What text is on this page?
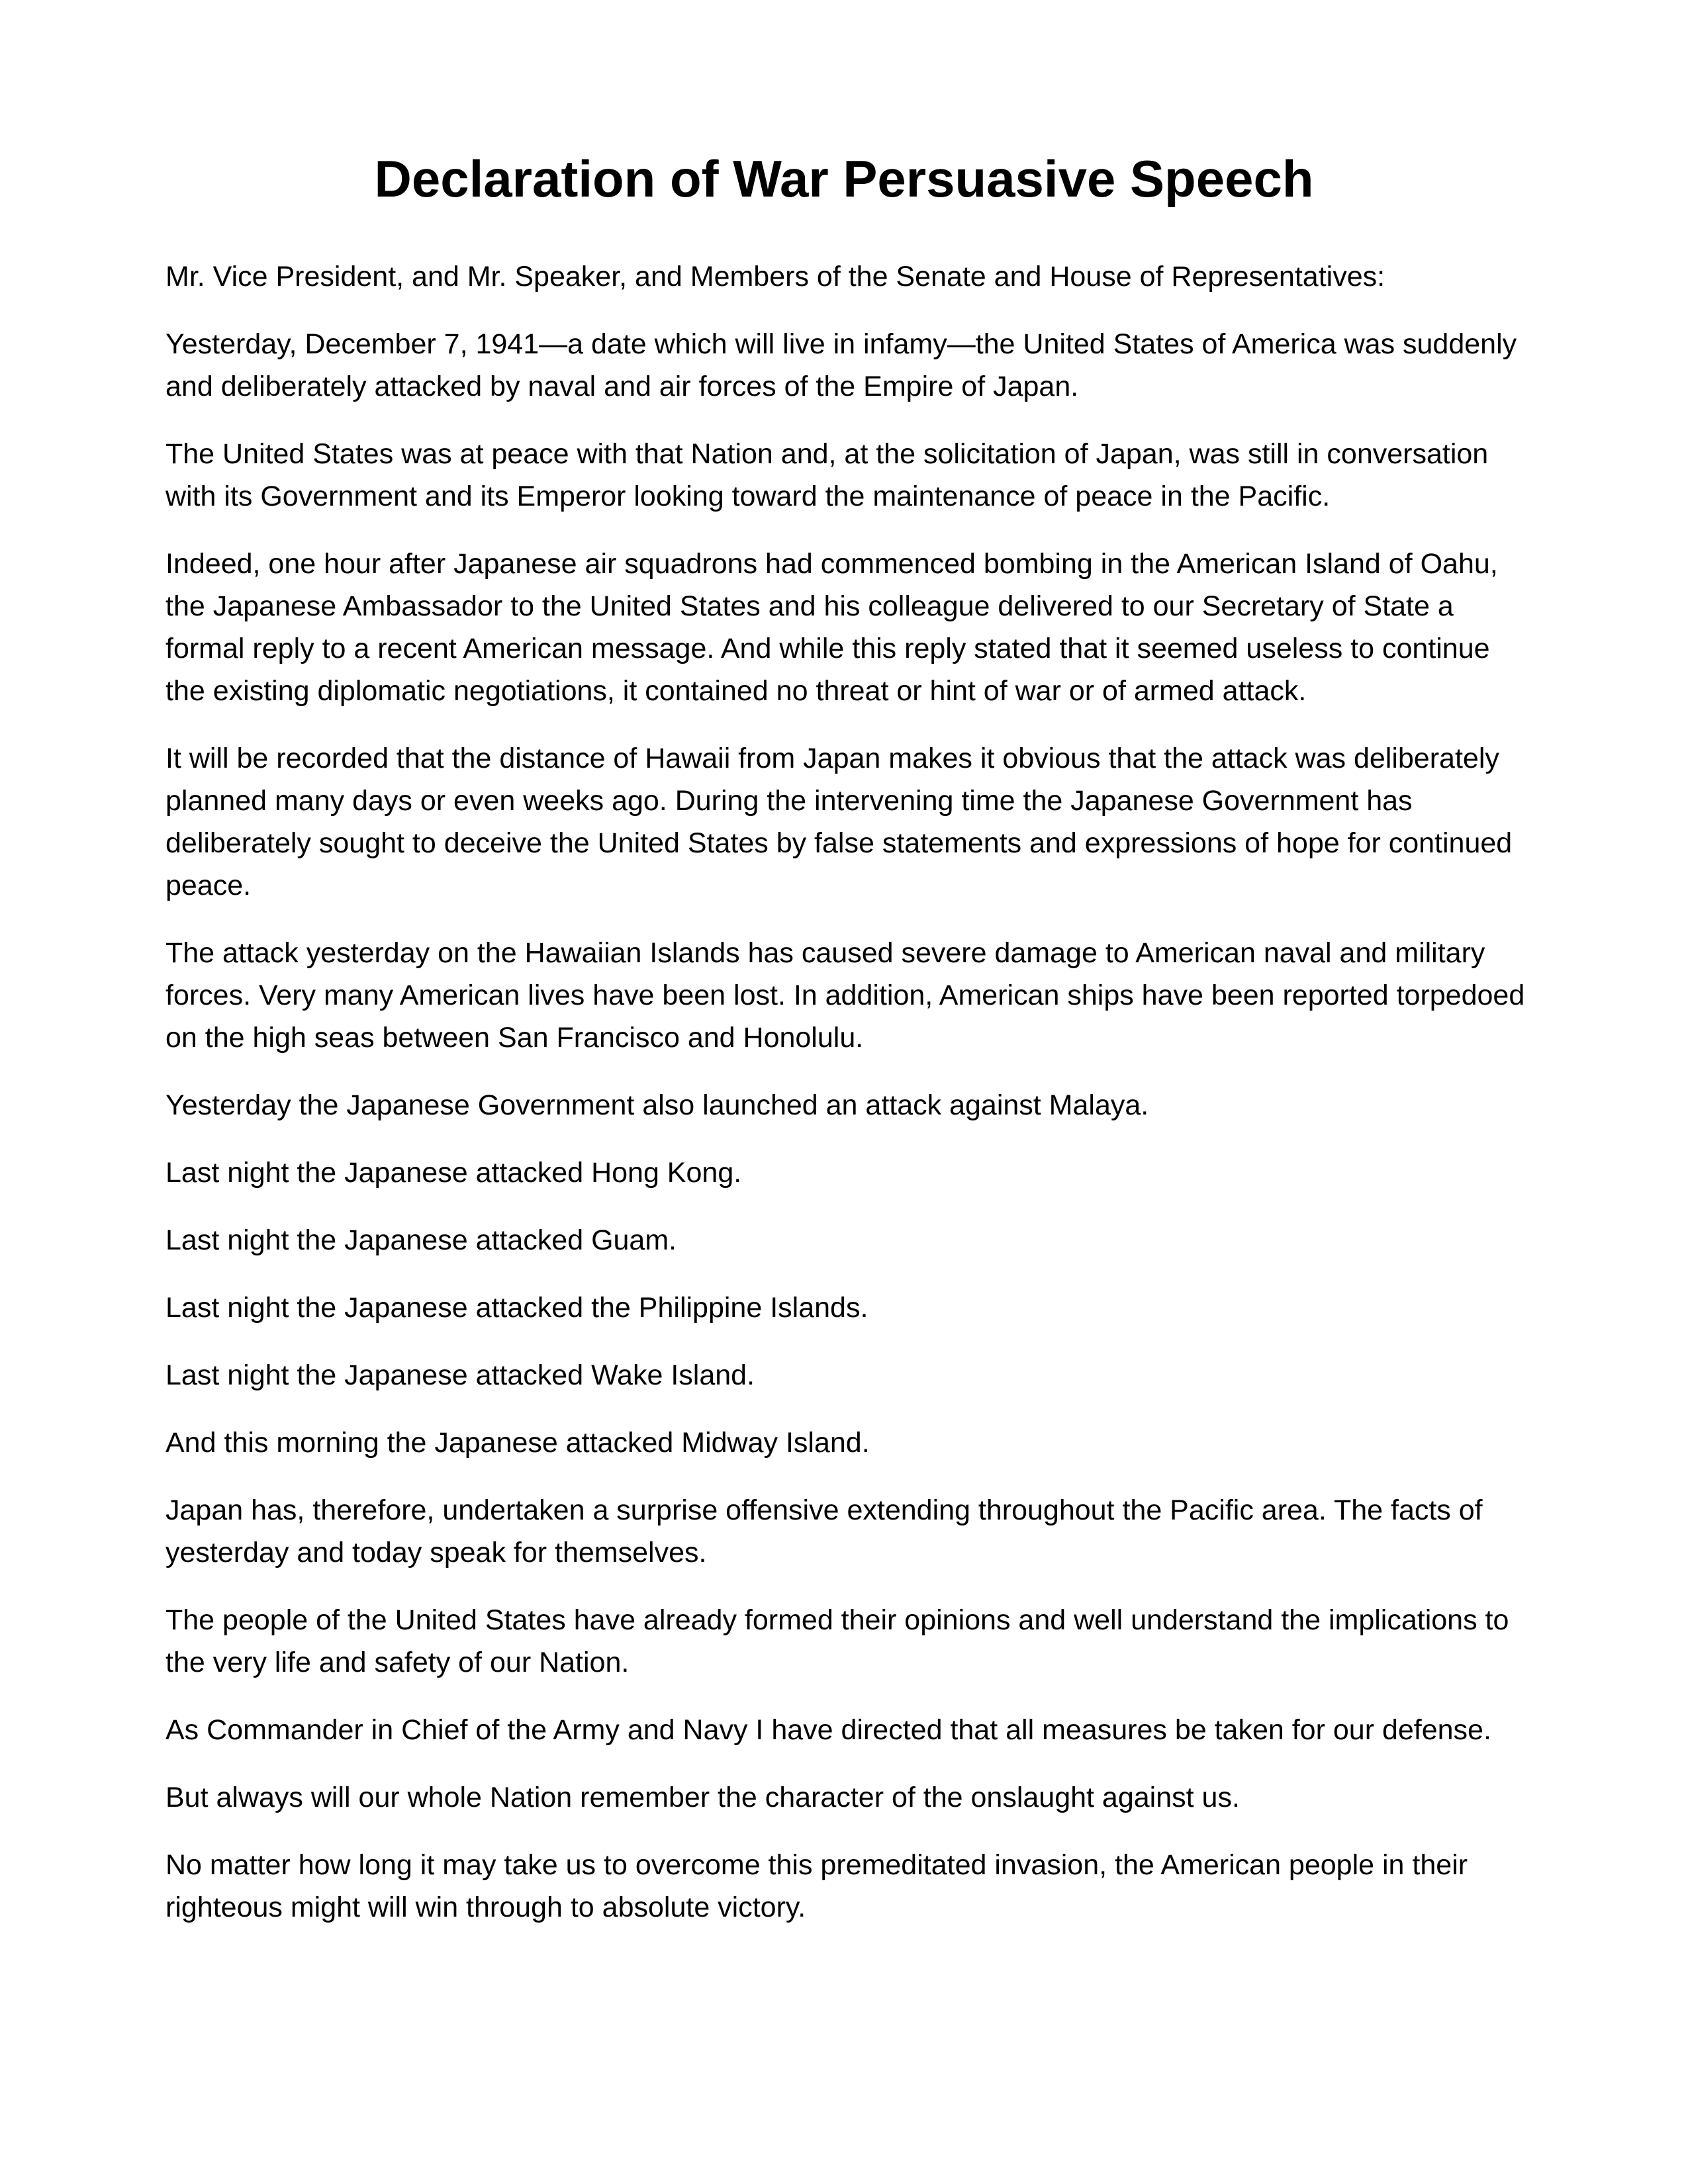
Declaration of War Persuasive Speech

Mr. Vice President, and Mr. Speaker, and Members of the Senate and House of Representatives:

Yesterday, December 7, 1941—a date which will live in infamy—the United States of America was suddenly and deliberately attacked by naval and air forces of the Empire of Japan.

The United States was at peace with that Nation and, at the solicitation of Japan, was still in conversation with its Government and its Emperor looking toward the maintenance of peace in the Pacific.

Indeed, one hour after Japanese air squadrons had commenced bombing in the American Island of Oahu, the Japanese Ambassador to the United States and his colleague delivered to our Secretary of State a formal reply to a recent American message. And while this reply stated that it seemed useless to continue the existing diplomatic negotiations, it contained no threat or hint of war or of armed attack.

It will be recorded that the distance of Hawaii from Japan makes it obvious that the attack was deliberately planned many days or even weeks ago. During the intervening time the Japanese Government has deliberately sought to deceive the United States by false statements and expressions of hope for continued peace.

The attack yesterday on the Hawaiian Islands has caused severe damage to American naval and military forces. Very many American lives have been lost. In addition, American ships have been reported torpedoed on the high seas between San Francisco and Honolulu.

Yesterday the Japanese Government also launched an attack against Malaya.

Last night the Japanese attacked Hong Kong.

Last night the Japanese attacked Guam.

Last night the Japanese attacked the Philippine Islands.

Last night the Japanese attacked Wake Island.

And this morning the Japanese attacked Midway Island.

Japan has, therefore, undertaken a surprise offensive extending throughout the Pacific area. The facts of yesterday and today speak for themselves.

The people of the United States have already formed their opinions and well understand the implications to the very life and safety of our Nation.

As Commander in Chief of the Army and Navy I have directed that all measures be taken for our defense.

But always will our whole Nation remember the character of the onslaught against us.

No matter how long it may take us to overcome this premeditated invasion, the American people in their righteous might will win through to absolute victory.
